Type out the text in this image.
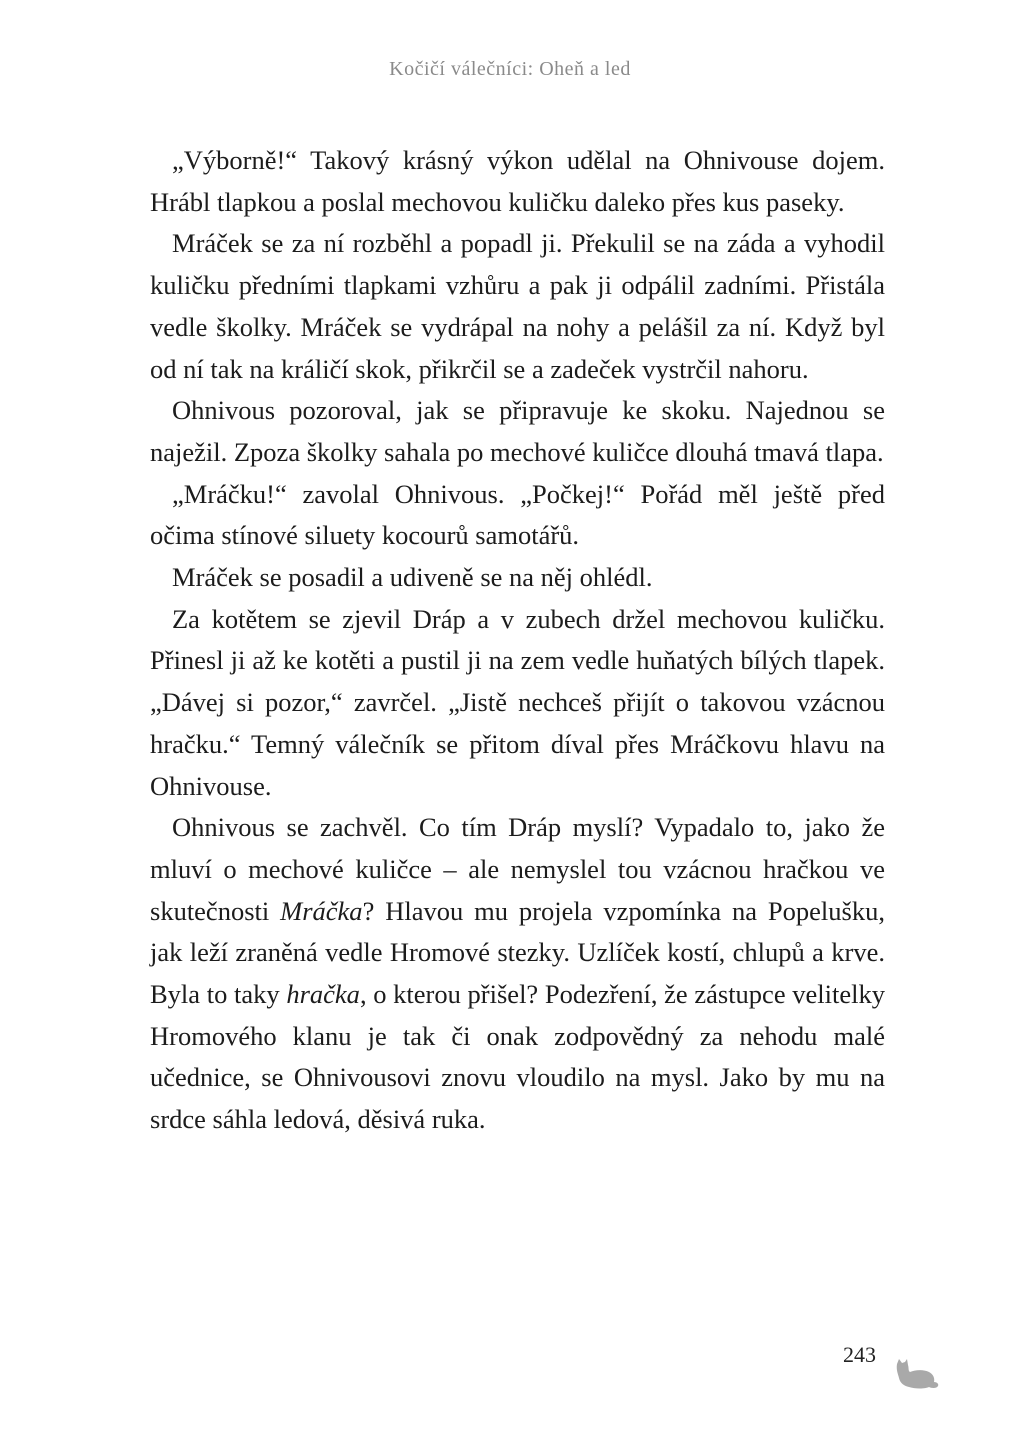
Kočičí válečníci: Oheň a led

„Výborně!“ Takový krásný výkon udělal na Ohnivouse dojem. Hrábl tlapkou a poslal mechovou kuličku daleko přes kus paseky.

Mráček se za ní rozběhl a popadl ji. Překulil se na záda a vyhodil kuličku předními tlapkami vzhůru a pak ji odpálil zadními. Přistála vedle školky. Mráček se vydrápal na nohy a pelášil za ní. Když byl od ní tak na králičí skok, přikrčil se a zadeček vystrčil nahoru.

Ohnivous pozoroval, jak se připravuje ke skoku. Najednou se naježil. Zpoza školky sahala po mechové kuličce dlouhá tmavá tlapa.

„Mráčku!“ zavolal Ohnivous. „Počkej!“ Pořád měl ještě před očima stínové siluety kocourů samotářů.

Mráček se posadil a udiveně se na něj ohlédl.

Za kotětem se zjevil Dráp a v zubech držel mechovou kuličku. Přinesl ji až ke kotěti a pustil ji na zem vedle huňatých bílých tlapek. „Dávej si pozor,“ zavrčel. „Jistě nechceš přijít o takovou vzácnou hračku.“ Temný válečník se přitom díval přes Mráčkovu hlavu na Ohnivouse.

Ohnivous se zachvěl. Co tím Dráp myslí? Vypadalo to, jako že mluví o mechové kuličce – ale nemyslel tou vzácnou hračkou ve skutečnosti Mráčka? Hlavou mu projela vzpomínka na Popelušku, jak leží zraněná vedle Hromové stezky. Uzlíček kostí, chlupů a krve. Byla to taky hračka, o kterou přišel? Podezření, že zástupce velitelky Hromového klanu je tak či onak zodpovědný za nehodu malé učednice, se Ohnivousovi znovu vloudilo na mysl. Jako by mu na srdce sáhla ledová, děsivá ruka.

243
